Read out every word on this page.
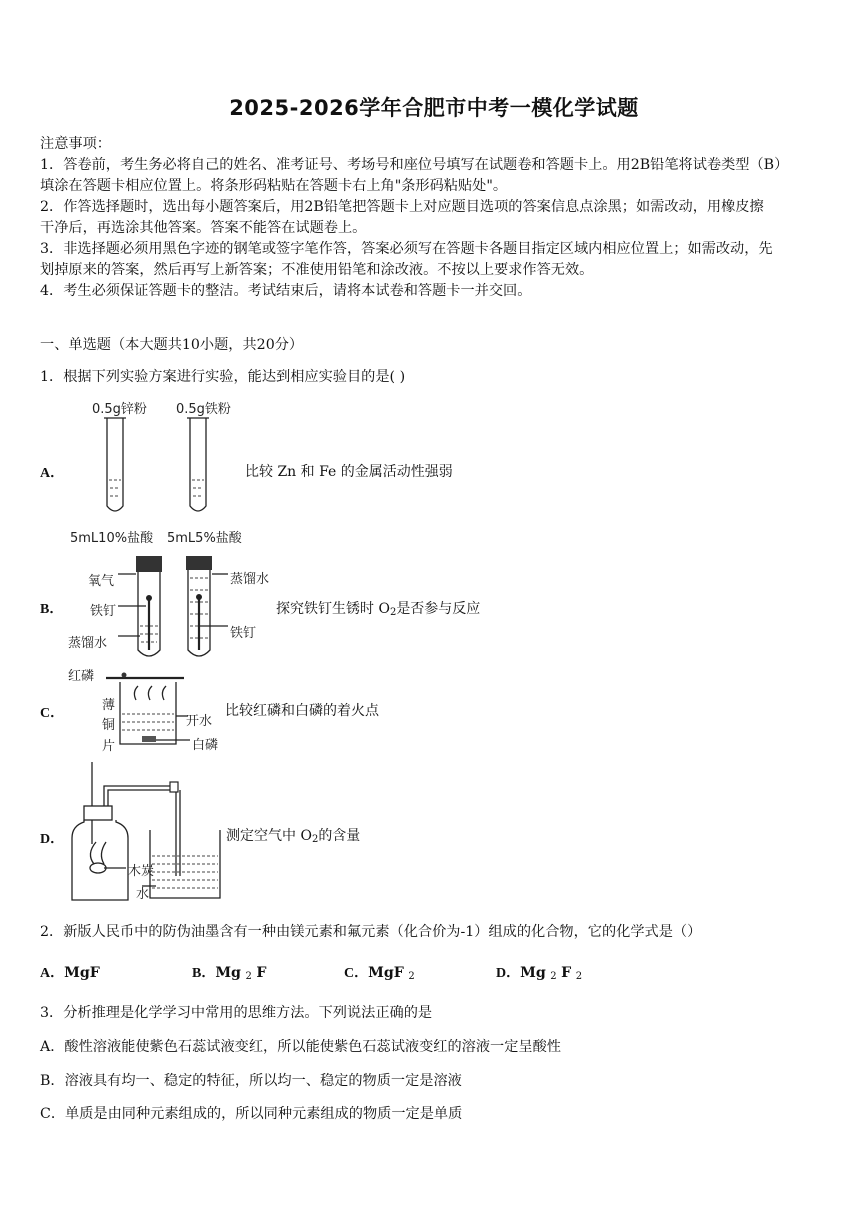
2025-2026学年合肥市中考一模化学试题
注意事项：
1．答卷前，考生务必将自己的姓名、准考证号、考场号和座位号填写在试题卷和答题卡上。用2B铅笔将试卷类型（B）
填涂在答题卡相应位置上。将条形码粘贴在答题卡右上角"条形码粘贴处"。
2．作答选择题时，选出每小题答案后，用2B铅笔把答题卡上对应题目选项的答案信息点涂黑；如需改动，用橡皮擦
干净后，再选涂其他答案。答案不能答在试题卷上。
3．非选择题必须用黑色字迹的钢笔或签字笔作答，答案必须写在答题卡各题目指定区域内相应位置上；如需改动，先
划掉原来的答案，然后再写上新答案；不准使用铅笔和涂改液。不按以上要求作答无效。
4．考生必须保证答题卡的整洁。考试结束后，请将本试卷和答题卡一并交回。
一、单选题（本大题共10小题，共20分）
1．根据下列实验方案进行实验，能达到相应实验目的是( )
A．
0.5g锌粉 0.5g铁粉
比较 Zn 和 Fe 的金属活动性强弱
5mL10%盐酸 5mL5%盐酸
B．
氧气
铁钉
蒸馏水
蒸馏水
铁钉
探究铁钉生锈时 $O_2$是否参与反应
红磷
C．
薄
铜
片
开水
白磷
比较红磷和白磷的着火点
D．
木炭
水
测定空气中 $O_2$的含量
2．新版人民币中的防伪油墨含有一种由镁元素和氟元素（化合价为-1）组成的化合物，它的化学式是（）
A．MgF	B．Mg $_2$ F	C．MgF $_2$	D．Mg $_2$ F $_2$
3．分析推理是化学学习中常用的思维方法。下列说法正确的是
A．酸性溶液能使紫色石蕊试液变红，所以能使紫色石蕊试液变红的溶液一定呈酸性
B．溶液具有均一、稳定的特征，所以均一、稳定的物质一定是溶液
C．单质是由同种元素组成的，所以同种元素组成的物质一定是单质
